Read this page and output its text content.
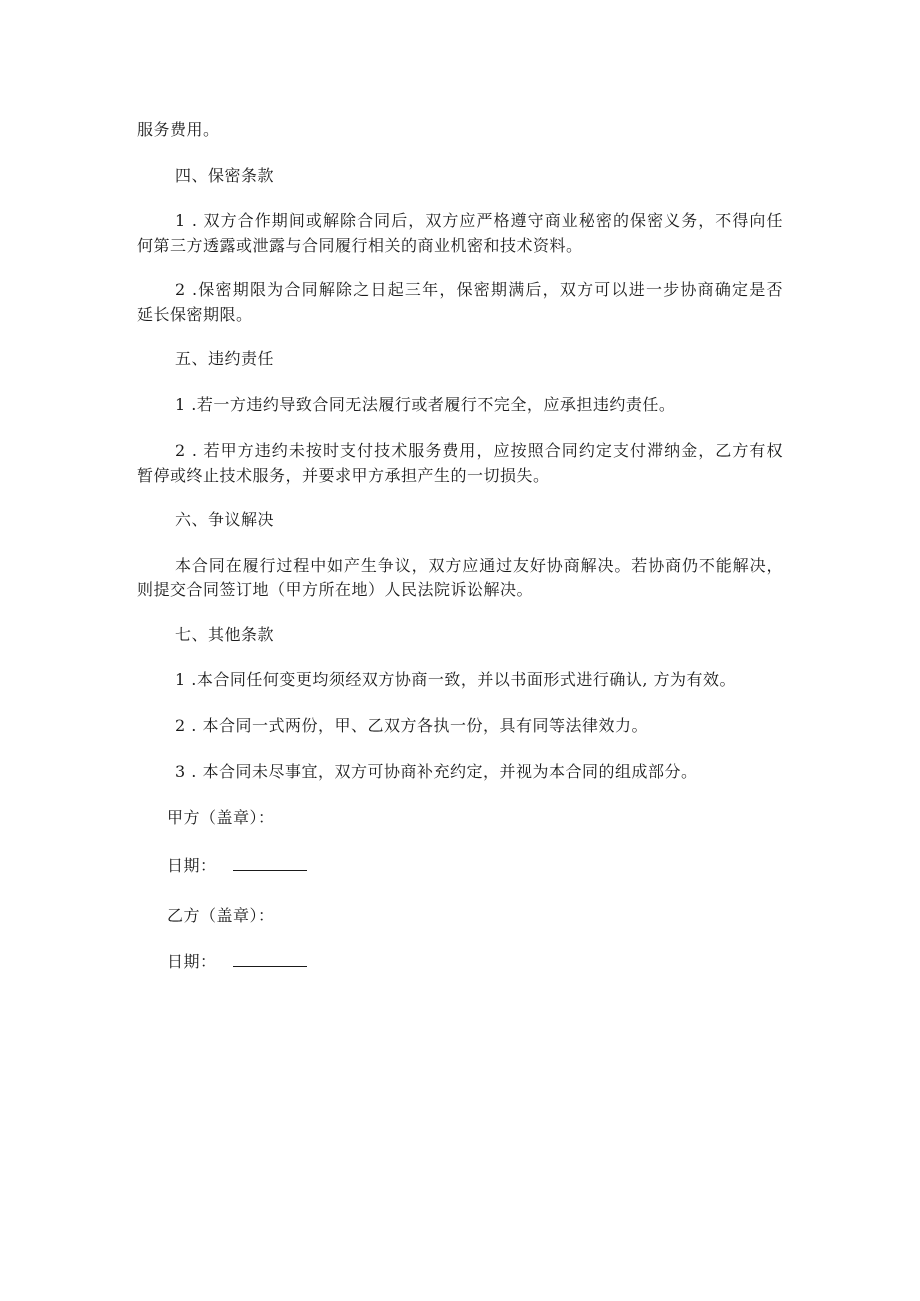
服务费用。
四、保密条款
1 . 双方合作期间或解除合同后，双方应严格遵守商业秘密的保密义务，不得向任
何第三方透露或泄露与合同履行相关的商业机密和技术资料。
2 .保密期限为合同解除之日起三年，保密期满后，双方可以进一步协商确定是否
延长保密期限。
五、违约责任
1 .若一方违约导致合同无法履行或者履行不完全，应承担违约责任。
2 . 若甲方违约未按时支付技术服务费用，应按照合同约定支付滞纳金，乙方有权
暂停或终止技术服务，并要求甲方承担产生的一切损失。
六、争议解决
本合同在履行过程中如产生争议，双方应通过友好协商解决。若协商仍不能解决，
则提交合同签订地（甲方所在地）人民法院诉讼解决。
七、其他条款
1 .本合同任何变更均须经双方协商一致，并以书面形式进行确认, 方为有效。
2 . 本合同一式两份，甲、乙双方各执一份，具有同等法律效力。
3 . 本合同未尽事宜，双方可协商补充约定，并视为本合同的组成部分。
甲方（盖章）：
日期：
乙方（盖章）：
日期：
